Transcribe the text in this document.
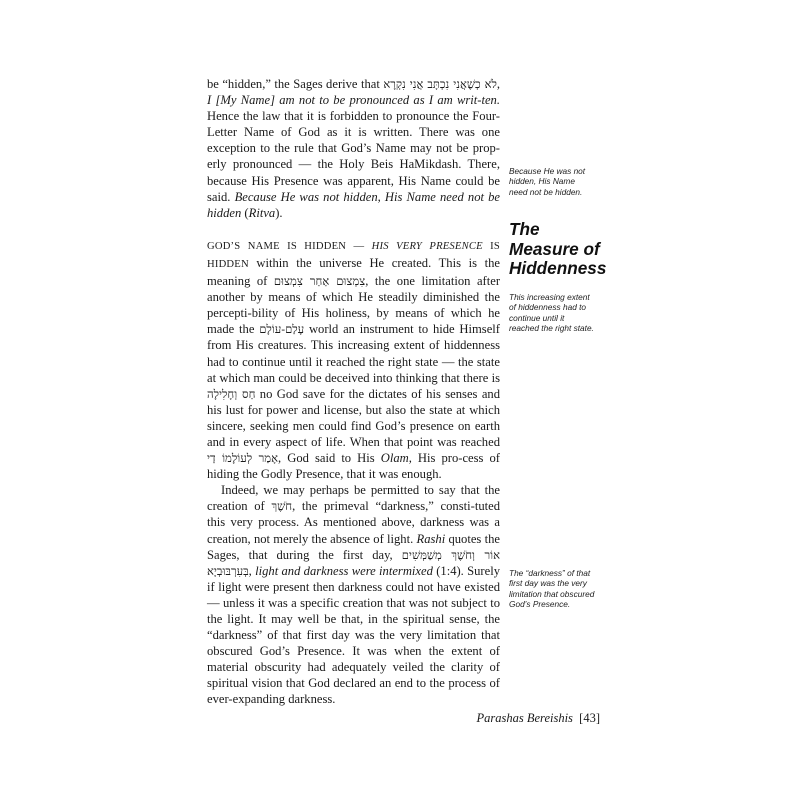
be “hidden,” the Sages derive that לֹא כְשֶׁאֲנִי נִכְתָּב אֲנִי נִקְרָא, I [My Name] am not to be pronounced as I am writ-ten. Hence the law that it is forbidden to pronounce the Four-Letter Name of God as it is written. There was one exception to the rule that God’s Name may not be prop-erly pronounced — the Holy Beis HaMikdash. There, because His Presence was apparent, His Name could be said. Because He was not hidden, His Name need not be hidden (Ritva).

GOD’S NAME IS HIDDEN — HIS VERY PRESENCE IS HIDDEN within the universe He created. This is the meaning of צִמְצוּם אַחַר צִמְצוּם, the one limitation after another by means of which He steadily diminished the percepti-bility of His holiness, by means of which he made the עָלַם-עוֹלָם world an instrument to hide Himself from His creatures. This increasing extent of hiddenness had to continue until it reached the right state — the state at which man could be deceived into thinking that there is חַס וְחָלִילָה no God save for the dictates of his senses and his lust for power and license, but also the state at which sincere, seeking men could find God’s presence on earth and in every aspect of life. When that point was reached אָמַר לְעוֹלָמוֹ דַי, God said to His Olam, His pro-cess of hiding the Godly Presence, that it was enough.

Indeed, we may perhaps be permitted to say that the creation of חֹשֶׁךְ, the primeval “darkness,” consti-tuted this very process. As mentioned above, darkness was a creation, not merely the absence of light. Rashi quotes the Sages, that during the first day, אוֹר וְחֹשֶׁךְ מְשַׁמְּשִׁים בְּעִרְבּוּבְיָא, light and darkness were intermixed (1:4). Surely if light were present then darkness could not have existed — unless it was a specific creation that was not subject to the light. It may well be that, in the spiritual sense, the “darkness” of that first day was the very limitation that obscured God’s Presence. It was when the extent of material obscurity had adequately veiled the clarity of spiritual vision that God declared an end to the process of ever-expanding darkness.

Because He was not hidden, His Name need not be hidden.
The Measure of Hiddenness
This increasing extent of hiddenness had to continue until it reached the right state.
The “darkness” of that first day was the very limitation that obscured God’s Presence.
Parashas Bereishis [43]
